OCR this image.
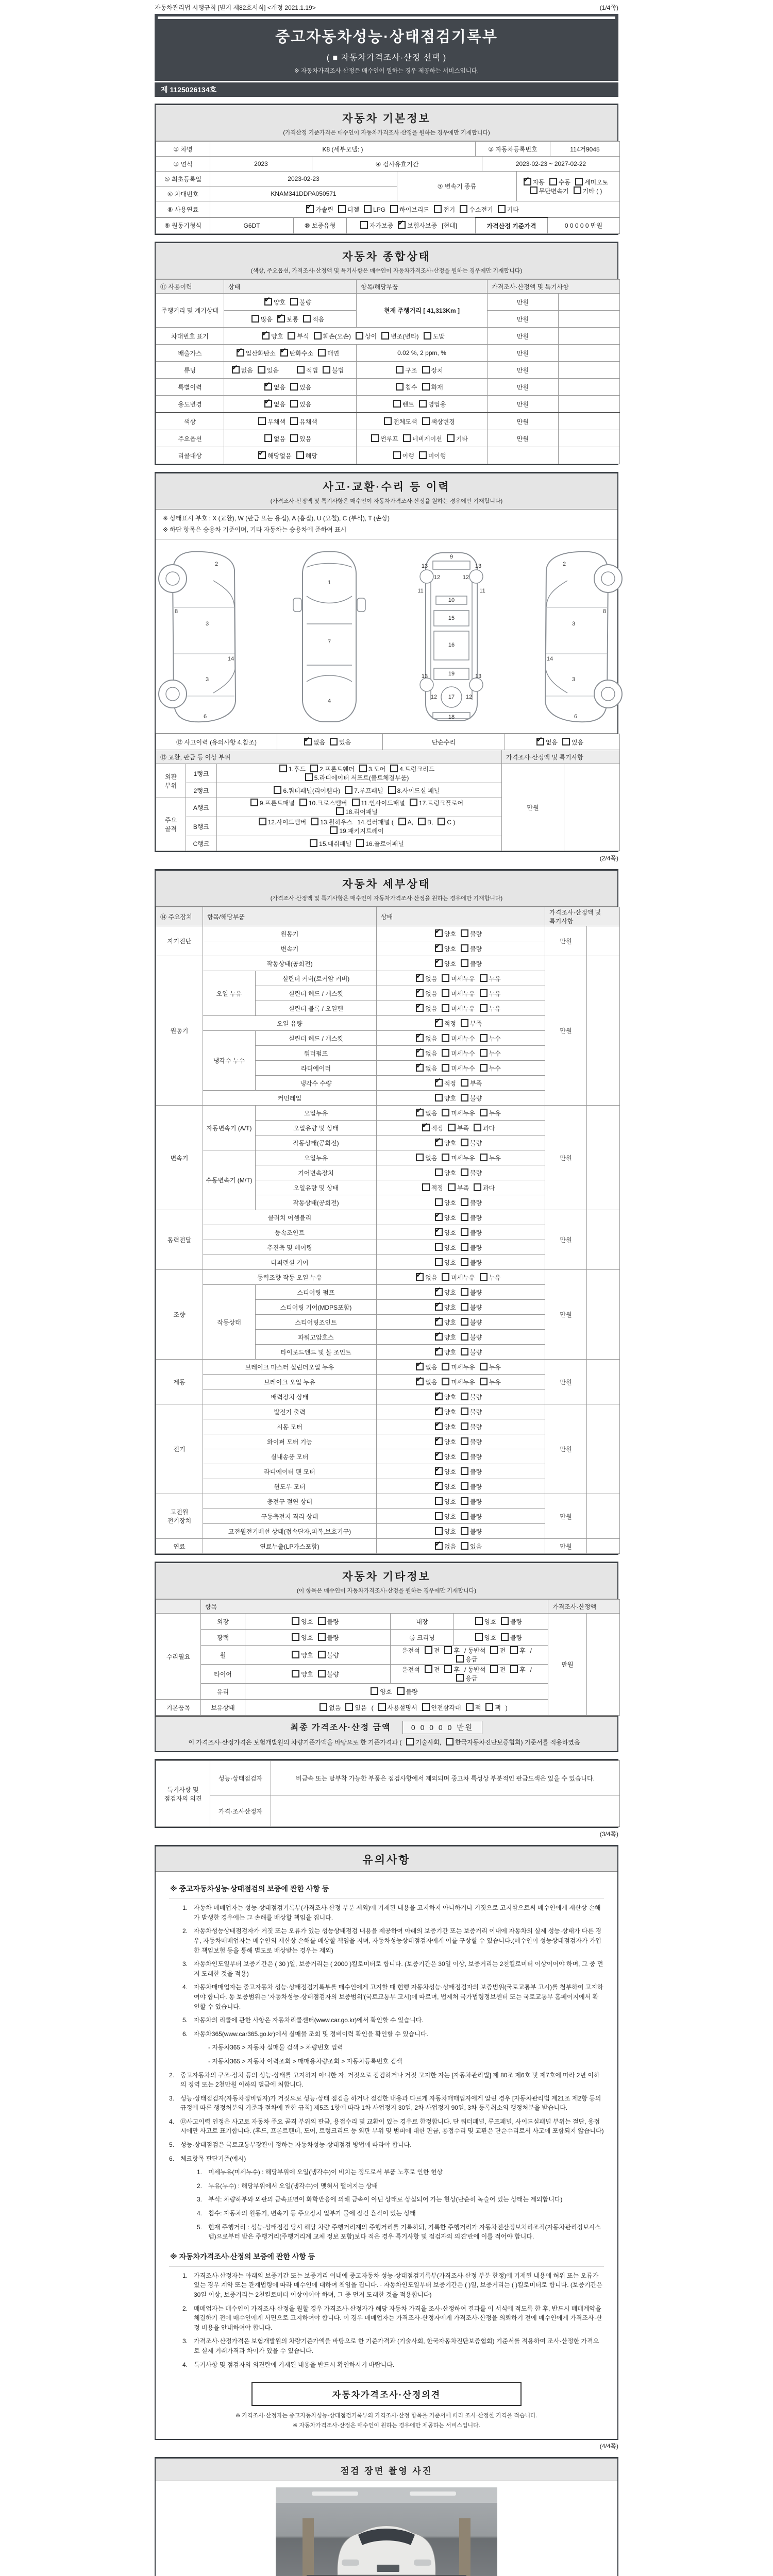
자동차관리법 시행규칙 [별지 제82호서식] <개정 2021.1.19>	(1/4쪽)
중고자동차성능·상태점검기록부
( ■ 자동차가격조사·산정 선택 )
※ 자동차가격조사·산정은 매수인이 원하는 경우 제공하는 서비스입니다.
제 1125026134호
자동차 기본정보
(가격산정 기준가격은 매수인이 자동차가격조사·산정을 원하는 경우에만 기재합니다)
① 차명	K8 (세부모델: )	② 자동차등록번호	114거9045
③ 연식	2023	④ 검사유효기간	2023-02-23 ~ 2027-02-22
⑤ 최초등록일	2023-02-23	⑦ 변속기 종류	✔자동 수동 세미오토
무단변속기 기타 ( )
⑥ 차대번호	KNAM341DDPA050571		
⑧ 사용연료	✔가솔린 디젤 LPG 하이브리드 전기 수소전기 기타
⑨ 원동기형식	G6DT	⑩ 보증유형	자가보증 ✔ 보험사보증 [현대]	가격산정 기준가격	0 0 0 0 0 만원
자동차 종합상태
(색상, 주요옵션, 가격조사·산정액 및 특기사항은 매수인이 자동차가격조사·산정을 원하는 경우에만 기재합니다)
⑪ 사용이력	상태	항목/해당부품	가격조사·산정액 및 특기사항
주행거리 및 계기상태	✔양호 불량	현재 주행거리 [ 41,313Km ]	만원	
	많음 ✔ 보통 적음		만원	
차대번호 표기	✔양호 부식 훼손(오손) 상이 변조(변타) 도말		만원	
배출가스	✔일산화탄소 ✔ 탄화수소 매연	0.02 %, 2 ppm, %	만원	
튜닝	✔없음 있음 적법 불법	구조 장치	만원	
특별이력	✔없음 있음	침수 화재	만원	
용도변경	✔없음 있음	렌트 영업용	만원	
색상	무채색 유채색	전체도색 색상변경	만원	
주요옵션	없음 있음	썬루프 네비게이션 기타	만원	
리콜대상	✔해당없음 해당	이행 미이행		
사고·교환·수리 등 이력
(가격조사·산정액 및 특기사항은 매수인이 자동차가격조사·산정을 원하는 경우에만 기재합니다)
※ 상태표시 부호 : X (교환), W (판금 또는 용접), A (흠집), U (요철), C (부식), T (손상)
※ 하단 항목은 승용차 기준이며, 기타 자동차는 승용차에 준하여 표시
2
8
3
14
3
6
1
7
4
9
13	13
12	12
11	11
10
15
16
13	19	13
12 17 12
18
2
8
3
14
3
6
⑫ 사고이력 (유의사항 4.참조)	✔없음 있음	단순수리	✔없음 있음
⑬ 교환, 판금 등 이상 부위	가격조사·산정액 및 특기사항
외판 부위	1랭크	1.후드 2.프론트휀더 3.도어 4.트렁크리드
5.라디에이터 서포트(볼트체결부품)	만원	
	2랭크	6.쿼터패널(리어휀다) 7.루프패널 8.사이드실 패널		
주요 골격	A랭크	9.프론트패널 10.크로스멤버 11.인사이드패널 17.트렁크플로어
18.리어패널		
	B랭크	12.사이드멤버 13.휠하우스 14.필러패널 ( A, B, C )
19.패키지트레이		
	C랭크	15.대쉬패널 16.플로어패널		
(2/4쪽)
자동차 세부상태
(가격조사·산정액 및 특기사항은 매수인이 자동차가격조사·산정을 원하는 경우에만 기재합니다)
⑭ 주요장치	항목/해당부품	상태	가격조사·산정액 및 특기사항
자기진단	원동기	✔양호 불량	만원	
	변속기	✔양호 불량
원동기	작동상태(공회전)	✔양호 불량	만원	
	오일 누유	실린더 커버(로커암 커버)	✔없음 미세누유 누유
		실린더 헤드 / 개스킷	✔없음 미세누유 누유
		실린더 블록 / 오일팬	✔없음 미세누유 누유
	오일 유량	✔적정 부족
	냉각수 누수	실린더 헤드 / 개스킷	✔없음 미세누수 누수
		워터펌프	✔없음 미세누수 누수
		라디에이터	✔없음 미세누수 누수
		냉각수 수량	✔적정 부족
	커먼레일		양호 불량		
변속기	자동변속기 (A/T)	오일누유	✔없음 미세누유 누유	만원	
		오일유량 및 상태	✔적정 부족 과다
		작동상태(공회전)	✔양호 불량
	수동변속기 (M/T)	오일누유	없음 미세누유 누유		
		기어변속장치	양호 불량		
		오일유량 및 상태	적정 부족 과다		
		작동상태(공회전)	양호 불량		
동력전달	클러치 어셈블리	✔양호 불량	만원	
	등속조인트	✔양호 불량
	추진축 및 베어링		양호 불량		
	디퍼렌셜 기어		양호 불량		
조향	동력조향 작동 오일 누유	✔없음 미세누유 누유	만원	
	작동상태	스티어링 펌프	✔양호 불량
		스티어링 기어(MDPS포함)	✔양호 불량
		스티어링조인트	✔양호 불량
		파워고압호스	✔양호 불량
		타이로드엔드 및 볼 조인트	✔양호 불량
제동	브레이크 마스터 실린더오일 누유	✔없음 미세누유 누유	만원	
	브레이크 오일 누유	✔없음 미세누유 누유
	배력장치 상태	✔양호 불량
전기	발전기 출력	✔양호 불량	만원	
	시동 모터	✔양호 불량
	와이퍼 모터 기능	✔양호 불량
	실내송풍 모터	✔양호 불량
	라디에이터 팬 모터	✔양호 불량
	윈도우 모터	✔양호 불량
고전원 전기장치	충전구 절연 상태		양호 불량	만원	
	구동축전지 격리 상태		양호 불량		
	고전원전기배선 상태(접속단자,피복,보호기구)		양호 불량		
연료	연료누출(LP가스포함)	✔없음 있음	만원	
자동차 기타정보
(이 항목은 매수인이 자동차가격조사·산정을 원하는 경우에만 기재합니다)
	항목	가격조사·산정액
수리필요	외장	양호 불량	내장	양호 불량	만원	
	광택	양호 불량	룸 크리닝	양호 불량		
	휠	양호 불량	운전석 전 후 / 동반석 전 후 /응급			
	타이어	양호 불량	운전석 전 후 / 동반석 전 후 /응급			
	유리	양호 불량				
기본품목	보유상태	없음 있음( 사용설명서 안전삼각대 잭 잭 )				
최종 가격조사·산정 금액	0 0 0 0 0 만원
이 가격조사·산정가격은 보험개발원의 차량기준가액을 바탕으로 한 기준가격과 ( 기술사회, 한국자동차진단보증협회) 기준서를 적용하였음
특기사항 및 점검자의 의견	성능·상태점검자	비금속 또는 탈부착 가능한 부품은 점검사항에서 제외되며 중고차 특성상 부분적인 판금도색은 있을 수 있습니다.
	가격·조사산정자	
(3/4쪽)
유의사항
※ 중고자동차성능·상태점검의 보증에 관한 사항 등
1. 자동차 매매업자는 성능·상태점검기록부(가격조사·산정 부분 제외)에 기재된 내용을 고지하지 아니하거나 거짓으로 고지함으로써 매수인에게 재산상 손해가 발생한 경우에는 그 손해를 배상할 책임을 집니다.
2. 자동차성능상태점검자가 거짓 또는 오류가 있는 성능상태점검 내용을 제공하여 아래의 보증기간 또는 보증거리 이내에 자동차의 실제 성능·상태가 다른 경우, 자동차매매업자는 매수인의 재산상 손해를 배상할 책임을 지며, 자동차성능상태점검자에게 이를 구상할 수 있습니다.(매수인이 성능상태점검자가 가입한 책임보험 등을 통해 별도로 배상받는 경우는 제외)
3. 자동차인도일부터 보증기간은 ( 30 )일, 보증거리는 ( 2000 )킬로미터로 합니다. (보증기간은 30일 이상, 보증거리는 2천킬로미터 이상이어야 하며, 그 중 먼저 도래한 것을 적용)
4. 자동차매매업자는 중고자동차 성능·상태점검기록부를 매수인에게 고지할 때 현행 자동차성능·상태점검자의 보증범위(국토교통부 고시)를 첨부하여 고지하여야 합니다. 동 보증범위는 '자동차성능·상태점검자의 보증범위'(국토교통부 고시)에 따르며, 법제처 국가법령정보센터 또는 국토교통부 홈페이지에서 확인할 수 있습니다.
5. 자동차의 리콜에 관한 사항은 자동차리콜센터(www.car.go.kr)에서 확인할 수 있습니다.
6. 자동차365(www.car365.go.kr)에서 실매물 조회 및 정비이력 확인을 확인할 수 있습니다.
- 자동차365 > 자동차 실매물 검색 > 차량번호 입력
- 자동차365 > 자동차 이력조회 > 매매용차량조회 > 자동차등록번호 검색
2. 중고자동차의 구조·장치 등의 성능·상태를 고지하지 아니한 자, 거짓으로 점검하거나 거짓 고지한 자는 [자동차관리법] 제 80조 제6호 및 제7호에 따라 2년 이하의 징역 또는 2천만원 이하의 벌금에 처합니다.
3. 성능·상태점검자(자동차정비업자)가 거짓으로 성능·상태 점검을 하거나 점검한 내용과 다르게 자동차매매업자에게 알린 경우 [자동차관리법 제21조 제2항 등의 규정에 따른 행정처분의 기준과 절차에 관한 규칙] 제5조 1항에 따라 1차 사업정지 30일, 2차 사업정지 90일, 3차 등록취소의 행정처분을 받습니다.
4. ⑫사고이력 인정은 사고로 자동차 주요 골격 부위의 판금, 용접수리 및 교환이 있는 경우로 한정합니다. 단 쿼터패널, 루프패널, 사이드실패널 부위는 절단, 용접 시에만 사고로 표기합니다. (후드, 프론트펜더, 도어, 트렁크리드 등 외판 부위 및 범퍼에 대한 판금, 용접수리 및 교환은 단순수리로서 사고에 포함되지 않습니다)
5. 성능·상태점검은 국토교통부장관이 정하는 자동차성능·상태점검 방법에 따라야 합니다.
6. 체크항목 판단기준(예시)
1. 미세누유(미세누수) : 해당부위에 오일(냉각수)이 비치는 정도로서 부품 노후로 인한 현상
2. 누유(누수) : 해당부위에서 오일(냉각수)이 맺혀서 떨어지는 상태
3. 부식: 차량하부와 외판의 금속표면이 화학반응에 의해 금속이 아닌 상태로 상실되어 가는 현상(단순히 녹슬어 있는 상태는 제외합니다)
4. 침수: 자동차의 원동기, 변속기 등 주요장치 일부가 물에 잠긴 흔적이 있는 상태
5. 현재 주행거리 : 성능·상태점검 당시 해당 차량 주행거리계의 주행거리를 기록하되, 기록한 주행거리가 자동차전산정보처리조직(자동차관리정보시스템)으로부터 받은 주행거리(주행거리계 교체 정보 포함)보다 적은 경우 특기사항 및 점검자의 의견'란에 이를 적어야 합니다.
※ 자동차가격조사·산정의 보증에 관한 사항 등
1. 가격조사·산정자는 아래의 보증기간 또는 보증거리 이내에 중고자동차 성능·상태점검기록부(가격조사·산정 부분 한정)에 기재된 내용에 허위 또는 오류가 있는 경우 계약 또는 관계법령에 따라 매수인에 대하여 책임을 집니다. · 자동차인도일부터 보증기간은 ( )일, 보증거리는 ( )킬로미터로 합니다. (보증기간은 30일 이상, 보증거리는 2천킬로미터 이상이어야 하며, 그 중 먼저 도래한 것을 적용합니다)
2. 매매업자는 매수인이 가격조사·산정을 원할 경우 가격조사·산정자가 해당 자동차 가격을 조사·산정하여 결과를 이 서식에 적도록 한 후, 반드시 매매계약을 체결하기 전에 매수인에게 서면으로 고지하여야 합니다. 이 경우 매매업자는 가격조사·산정자에게 가격조사·산정을 의뢰하기 전에 매수인에게 가격조사·산정 비용을 안내하여야 합니다.
3. 가격조사·산정가격은 보험개발원의 차량기준가액을 바탕으로 한 기준가격과 (기술사회, 한국자동차진단보증협회) 기준서를 적용하여 조사·산정한 가격으로 실제 거래가격과 차이가 있을 수 있습니다.
4. 특기사항 및 점검자의 의견란에 기재된 내용을 반드시 확인하시기 바랍니다.
자동차가격조사·산정의견
※ 가격조사·산정자는 중고자동차성능·상태점검기록부의 가격조사·산정 항목을 기준서에 따라 조사·산정한 가격을 적습니다.
※ 자동차가격조사·산정은 매수인이 원하는 경우에만 제공하는 서비스입니다.
(4/4쪽)
점검 장면 촬영 사진
